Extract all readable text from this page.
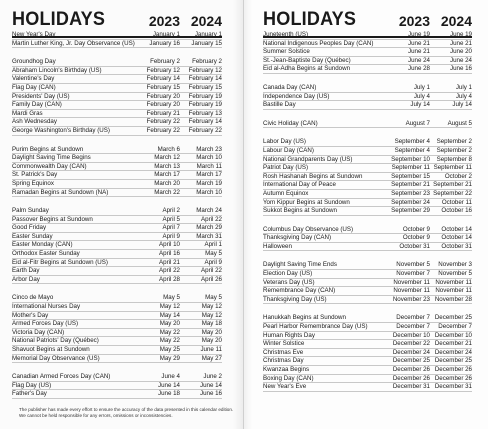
HOLIDAYS	2023 2024
New Year's Day	January 1 January 1
Martin Luther King, Jr. Day Observance (US) January 16 January 15
Groundhog Day	February 2 February 2
Abraham Lincoln's Birthday (US)	February 12 February 12
Valentine's Day	February 14 February 14
Flag Day (CAN)	February 15 February 15
Presidents' Day (US)	February 20 February 19
Family Day (CAN)	February 20 February 19
Mardi Gras	February 21 February 13
Ash Wednesday	February 22 February 14
George Washington's Birthday (US)	February 22 February 22
Purim Begins at Sundown	March 6	March 23
Daylight Saving Time Begins	March 12	March 10
Commonwealth Day (CAN)	March 13	March 11
St. Patrick's Day	March 17	March 17
Spring Equinox	March 20	March 19
Ramadan Begins at Sundown (NA)	March 22	March 10
Palm Sunday	April 2	March 24
Passover Begins at Sundown	April 5	April 22
Good Friday	April 7	March 29
Easter Sunday	April 9	March 31
Easter Monday (CAN)	April 10	April 1
Orthodox Easter Sunday	April 16	May 5
Eid al-Fitr Begins at Sundown (US)	April 21	April 9
Earth Day	April 22	April 22
Arbor Day	April 28	April 26
Cinco de Mayo	May 5	May 5
International Nurses Day	May 12	May 12
Mother's Day	May 14	May 12
Armed Forces Day (US)	May 20	May 18
Victoria Day (CAN)	May 22	May 20
National Patriots' Day (Québec)	May 22	May 20
Shavuot Begins at Sundown	May 25	June 11
Memorial Day Observance (US)	May 29	May 27
Canadian Armed Forces Day (CAN)	June 4	June 2
Flag Day (US)	June 14	June 14
Father's Day	June 18	June 16
HOLIDAYS	2023 2024
Juneteenth (US)	June 19	June 19
National Indigenous Peoples Day (CAN)	June 21	June 21
Summer Solstice	June 21	June 20
St.-Jean-Baptiste Day (Québec)	June 24	June 24
Eid al-Adha Begins at Sundown	June 28	June 16
Canada Day (CAN)	July 1	July 1
Independence Day (US)	July 4	July 4
Bastille Day	July 14	July 14
Civic Holiday (CAN)	August 7	August 5
Labor Day (US)	September 4 September 2
Labour Day (CAN)	September 4 September 2
National Grandparents Day (US)	September 10 September 8
Patriot Day (US)	September 11 September 11
Rosh Hashanah Begins at Sundown	September 15 October 2
International Day of Peace	September 21 September 21
Autumn Equinox	September 23 September 22
Yom Kippur Begins at Sundown	September 24 October 11
Sukkot Begins at Sundown	September 29 October 16
Columbus Day Observance (US)	October 9 October 14
Thanksgiving Day (CAN)	October 9 October 14
Halloween	October 31 October 31
Daylight Saving Time Ends	November 5 November 3
Election Day (US)	November 7 November 5
Veterans Day (US)	November 11 November 11
Remembrance Day (CAN)	November 11 November 11
Thanksgiving Day (US)	November 23 November 28
Hanukkah Begins at Sundown	December 7 December 25
Pearl Harbor Remembrance Day (US)	December 7 December 7
Human Rights Day	December 10 December 10
Winter Solstice	December 22 December 21
Christmas Eve	December 24 December 24
Christmas Day	December 25 December 25
Kwanzaa Begins	December 26 December 26
Boxing Day (CAN)	December 26 December 26
New Year's Eve	December 31 December 31
The publisher has made every effort to ensure the accuracy of the data presented in this calendar edition.
We cannot be held responsible for any errors, omissions or inconsistencies.
